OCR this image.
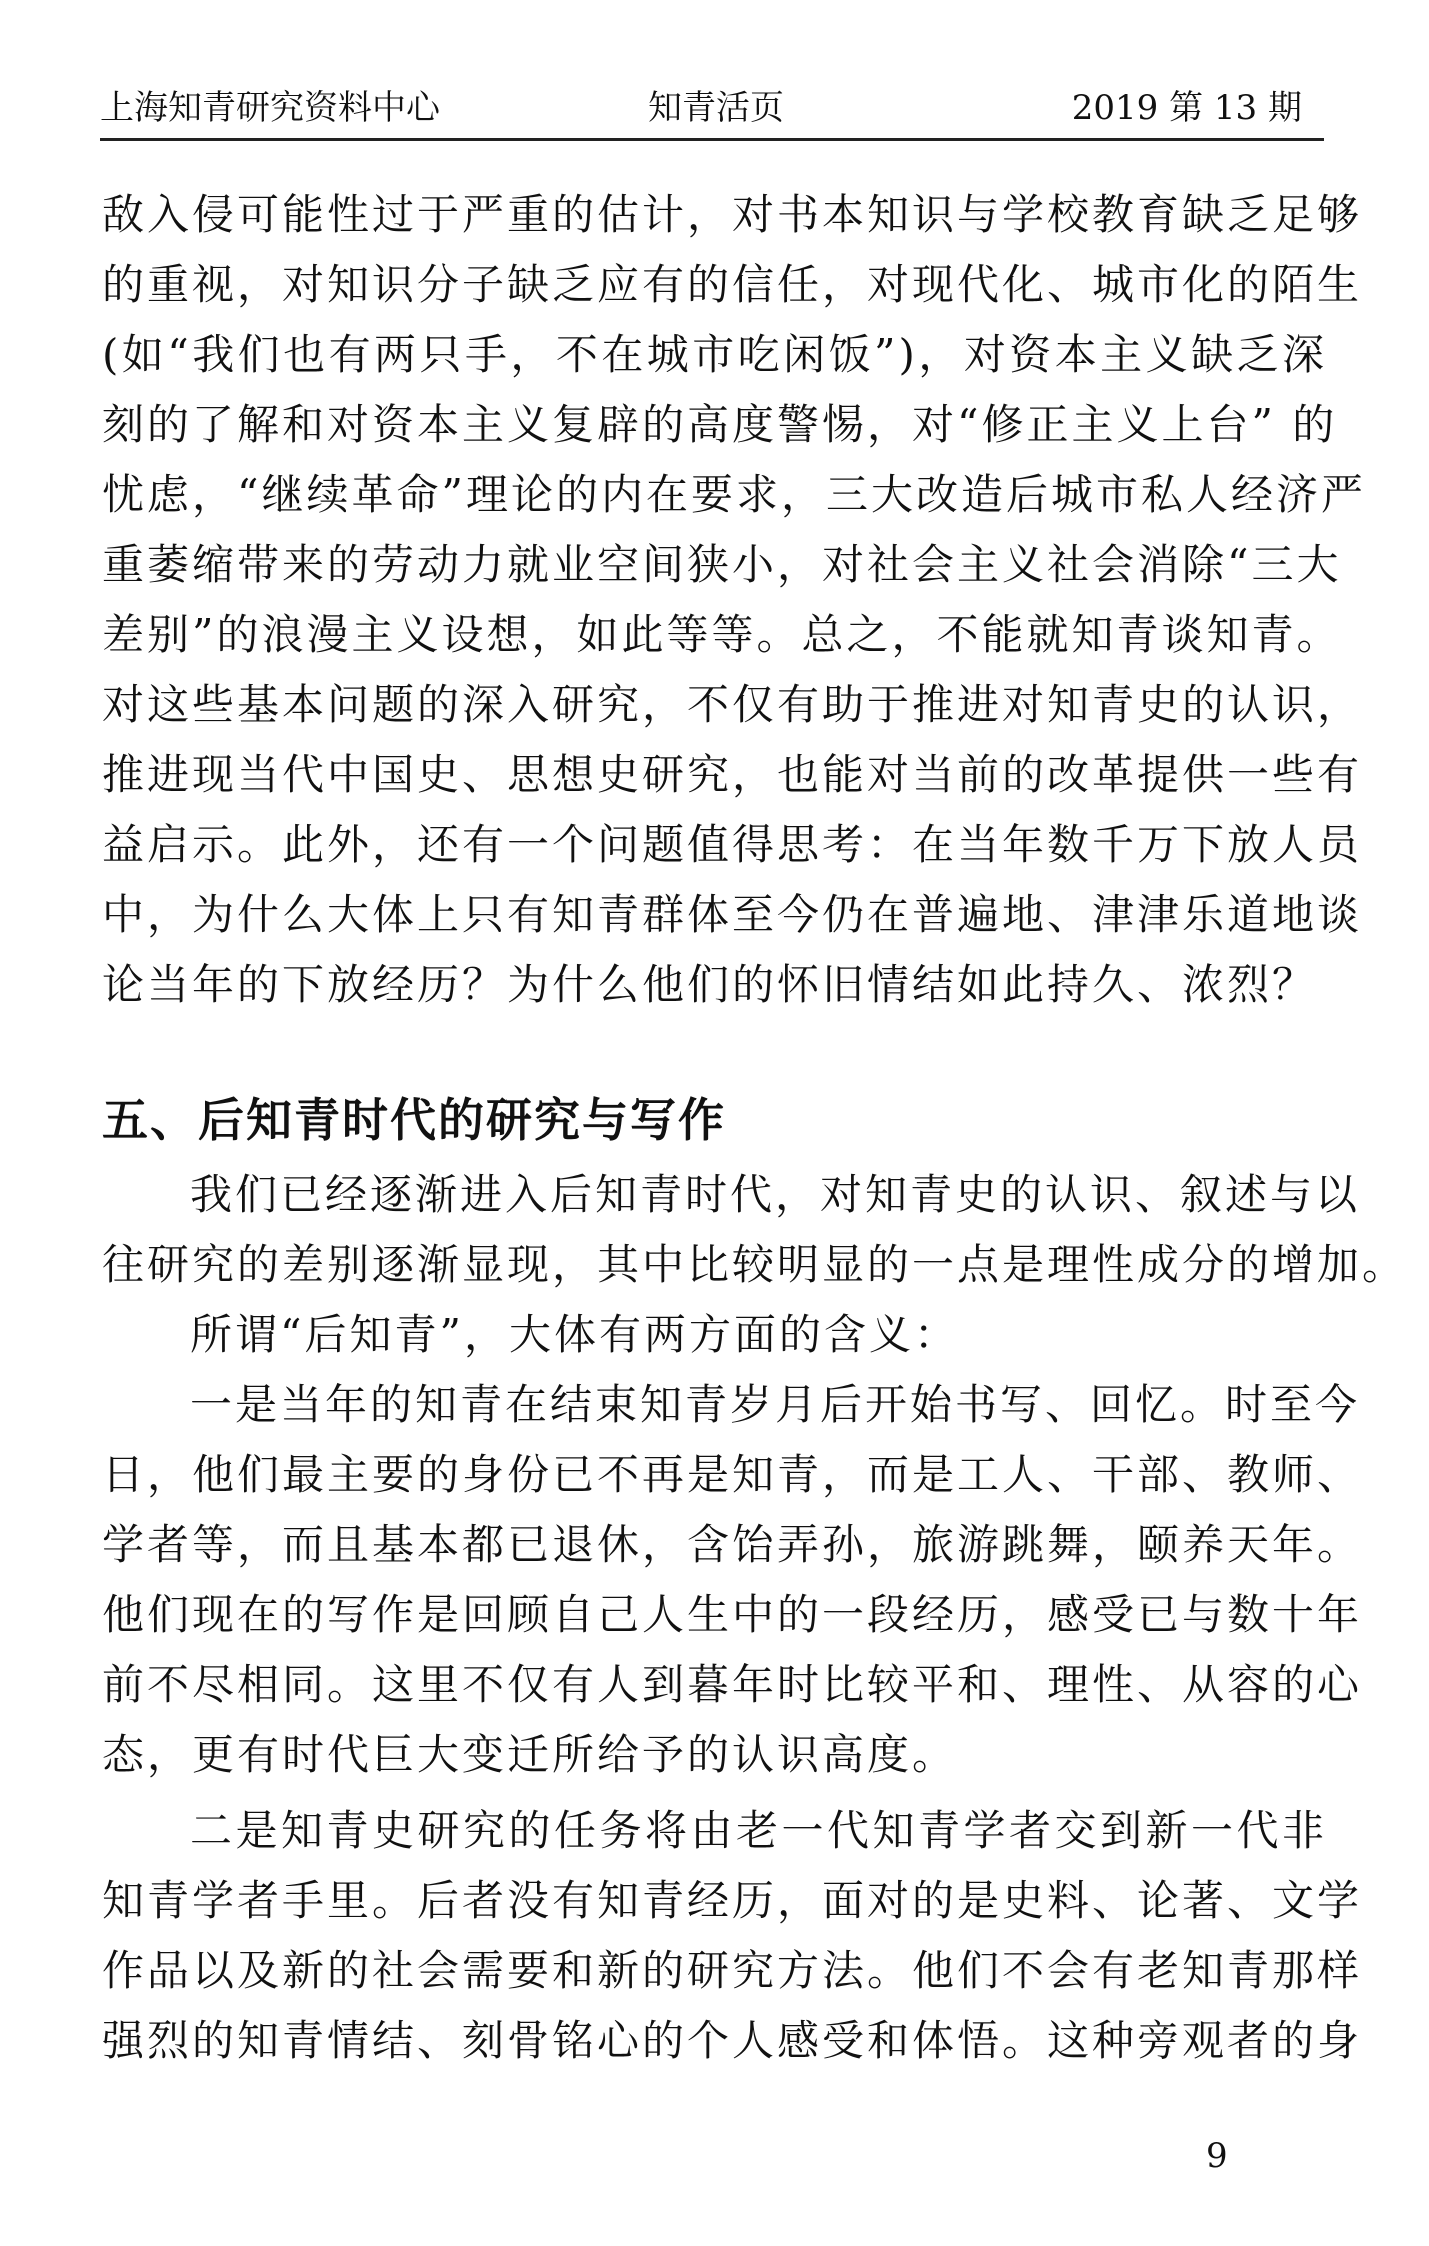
上海知青研究资料中心	知青活页	2019 第 13 期
敌入侵可能性过于严重的估计，对书本知识与学校教育缺乏足够
的重视，对知识分子缺乏应有的信任，对现代化、城市化的陌生
(如“我们也有两只手，不在城市吃闲饭”)，对资本主义缺乏深
刻的了解和对资本主义复辟的高度警惕，对“修正主义上台” 的
忧虑，“继续革命”理论的内在要求，三大改造后城市私人经济严
重萎缩带来的劳动力就业空间狭小，对社会主义社会消除“三大
差别”的浪漫主义设想，如此等等。总之，不能就知青谈知青。
对这些基本问题的深入研究，不仅有助于推进对知青史的认识，
推进现当代中国史、思想史研究，也能对当前的改革提供一些有
益启示。此外，还有一个问题值得思考：在当年数千万下放人员
中，为什么大体上只有知青群体至今仍在普遍地、津津乐道地谈
论当年的下放经历？为什么他们的怀旧情结如此持久、浓烈？
五、后知青时代的研究与写作
我们已经逐渐进入后知青时代，对知青史的认识、叙述与以
往研究的差别逐渐显现，其中比较明显的一点是理性成分的增加。
所谓“后知青”，大体有两方面的含义：
一是当年的知青在结束知青岁月后开始书写、回忆。时至今
日，他们最主要的身份已不再是知青，而是工人、干部、教师、
学者等，而且基本都已退休，含饴弄孙，旅游跳舞，颐养天年。
他们现在的写作是回顾自己人生中的一段经历，感受已与数十年
前不尽相同。这里不仅有人到暮年时比较平和、理性、从容的心
态，更有时代巨大变迁所给予的认识高度。
二是知青史研究的任务将由老一代知青学者交到新一代非
知青学者手里。后者没有知青经历，面对的是史料、论著、文学
作品以及新的社会需要和新的研究方法。他们不会有老知青那样
强烈的知青情结、刻骨铭心的个人感受和体悟。这种旁观者的身
9
